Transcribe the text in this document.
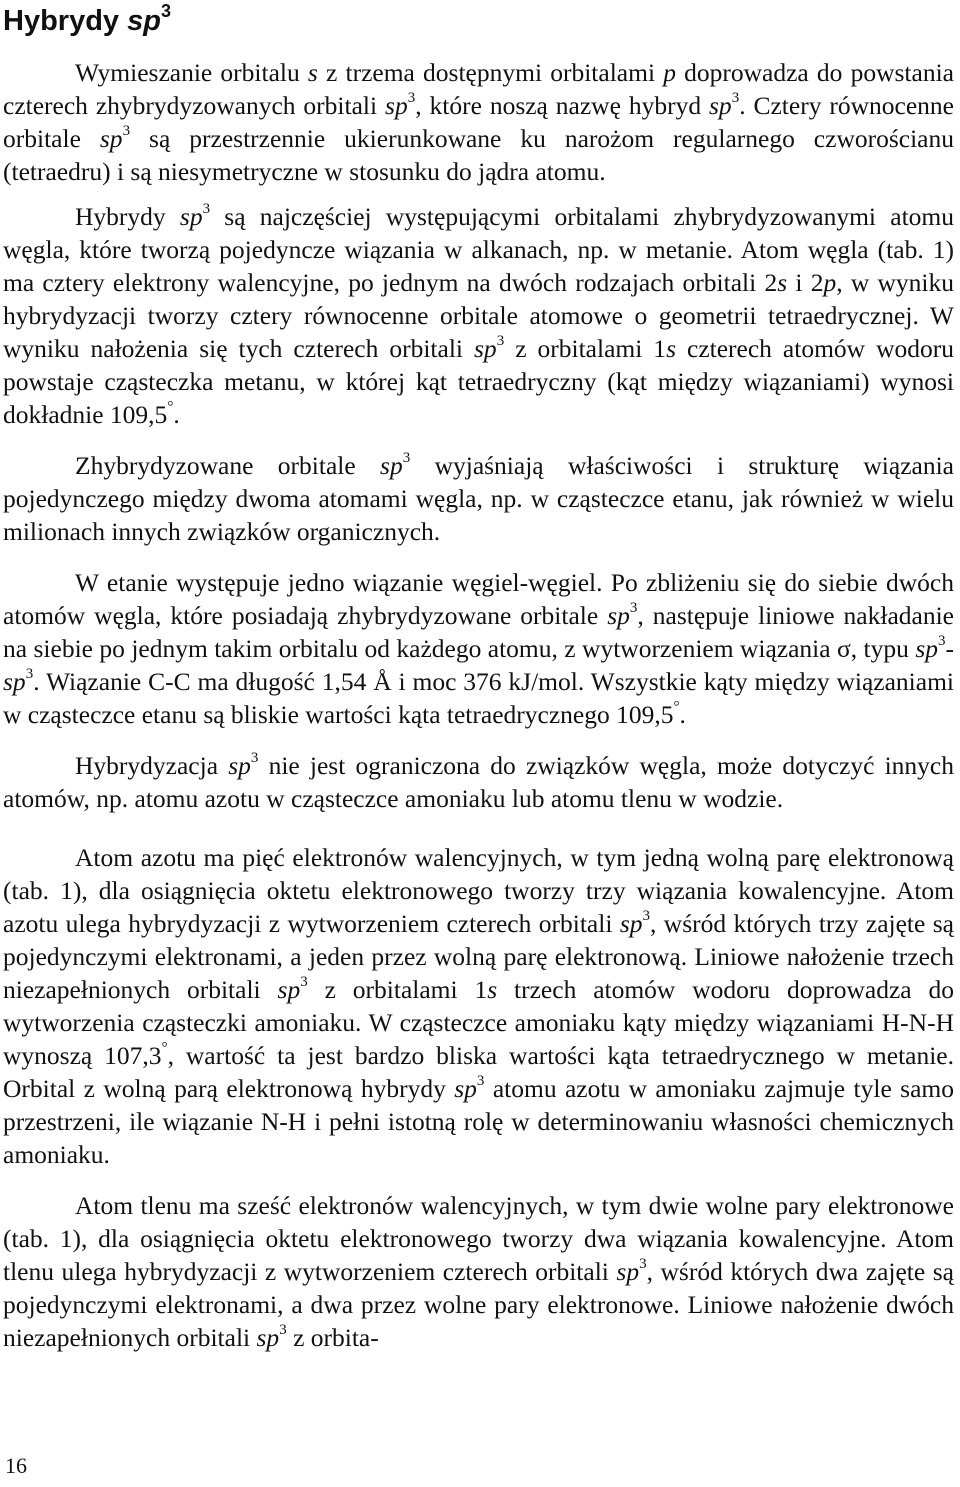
Hybrydy $sp^3$

Wymieszanie orbitalu s z trzema dostępnymi orbitalami p doprowadza do powstania czterech zhybrydyzowanych orbitali $sp^3$, które noszą nazwę hybryd $sp^3$. Cztery równocenne orbitale $sp^3$ są przestrzennie ukierunkowane ku narożom regularnego czworościanu (tetraedru) i są niesymetryczne w stosunku do jądra atomu.

Hybrydy $sp^3$ są najczęściej występującymi orbitalami zhybrydyzowanymi atomu węgla, które tworzą pojedyncze wiązania w alkanach, np. w metanie. Atom węgla (tab. 1) ma cztery elektrony walencyjne, po jednym na dwóch rodzajach orbitali 2s i 2p, w wyniku hybrydyzacji tworzy cztery równocenne orbitale atomowe o geometrii tetraedrycznej. W wyniku nałożenia się tych czterech orbitali $sp^3$ z orbitalami 1s czterech atomów wodoru powstaje cząsteczka metanu, w której kąt tetraedryczny (kąt między wiązaniami) wynosi dokładnie 109,5°.

Zhybrydyzowane orbitale $sp^3$ wyjaśniają właściwości i strukturę wiązania pojedynczego między dwoma atomami węgla, np. w cząsteczce etanu, jak również w wielu milionach innych związków organicznych.

W etanie występuje jedno wiązanie węgiel-węgiel. Po zbliżeniu się do siebie dwóch atomów węgla, które posiadają zhybrydyzowane orbitale $sp^3$, następuje liniowe nakładanie na siebie po jednym takim orbitalu od każdego atomu, z wytworzeniem wiązania σ, typu $sp^3-sp^3$. Wiązanie C-C ma długość 1,54 Å i moc 376 kJ/mol. Wszystkie kąty między wiązaniami w cząsteczce etanu są bliskie wartości kąta tetraedrycznego 109,5°.

Hybrydyzacja $sp^3$ nie jest ograniczona do związków węgla, może dotyczyć innych atomów, np. atomu azotu w cząsteczce amoniaku lub atomu tlenu w wodzie.

Atom azotu ma pięć elektronów walencyjnych, w tym jedną wolną parę elektronową (tab. 1), dla osiągnięcia oktetu elektronowego tworzy trzy wiązania kowalencyjne. Atom azotu ulega hybrydyzacji z wytworzeniem czterech orbitali $sp^3$, wśród których trzy zajęte są pojedynczymi elektronami, a jeden przez wolną parę elektronową. Liniowe nałożenie trzech niezapełnionych orbitali $sp^3$ z orbitalami 1s trzech atomów wodoru doprowadza do wytworzenia cząsteczki amoniaku. W cząsteczce amoniaku kąty między wiązaniami H-N-H wynoszą 107,3°, wartość ta jest bardzo bliska wartości kąta tetraedrycznego w metanie. Orbital z wolną parą elektronową hybrydy $sp^3$ atomu azotu w amoniaku zajmuje tyle samo przestrzeni, ile wiązanie N-H i pełni istotną rolę w determinowaniu własności chemicznych amoniaku.

Atom tlenu ma sześć elektronów walencyjnych, w tym dwie wolne pary elektronowe (tab. 1), dla osiągnięcia oktetu elektronowego tworzy dwa wiązania kowalencyjne. Atom tlenu ulega hybrydyzacji z wytworzeniem czterech orbitali $sp^3$, wśród których dwa zajęte są pojedynczymi elektronami, a dwa przez wolne pary elektronowe. Liniowe nałożenie dwóch niezapełnionych orbitali $sp^3$ z orbita-

16
